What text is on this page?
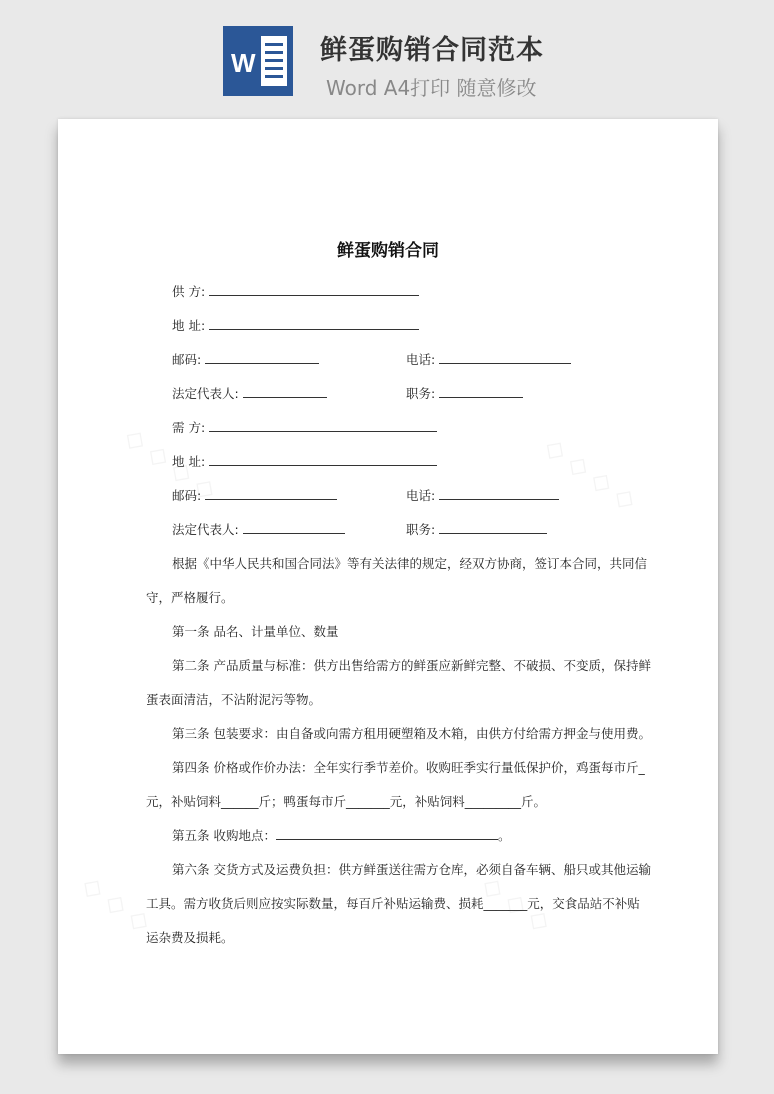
W 鲜蛋购销合同范本
Word A4打印 随意修改
鲜蛋购销合同
供 方:
地 址:
邮码:	电话:
法定代表人:	职务:
需 方:
地 址:
邮码:	电话:
法定代表人:	职务:
根据《中华人民共和国合同法》等有关法律的规定，经双方协商，签订本合同，共同信
守，严格履行。
第一条 品名、计量单位、数量
第二条 产品质量与标准：供方出售给需方的鲜蛋应新鲜完整、不破损、不变质，保持鲜
蛋表面清洁，不沾附泥污等物。
第三条 包装要求：由自备或向需方租用硬塑箱及木箱，由供方付给需方押金与使用费。
第四条 价格或作价办法：全年实行季节差价。收购旺季实行量低保护价，鸡蛋每市斤_
元，补贴饲料______斤；鸭蛋每市斤_______元，补贴饲料_________斤。
第五条 收购地点：	。
第六条 交货方式及运费负担：供方鲜蛋送往需方仓库，必须自备车辆、船只或其他运输
工具。需方收货后则应按实际数量，每百斤补贴运输费、损耗_______元，交食品站不补贴
运杂费及损耗。
